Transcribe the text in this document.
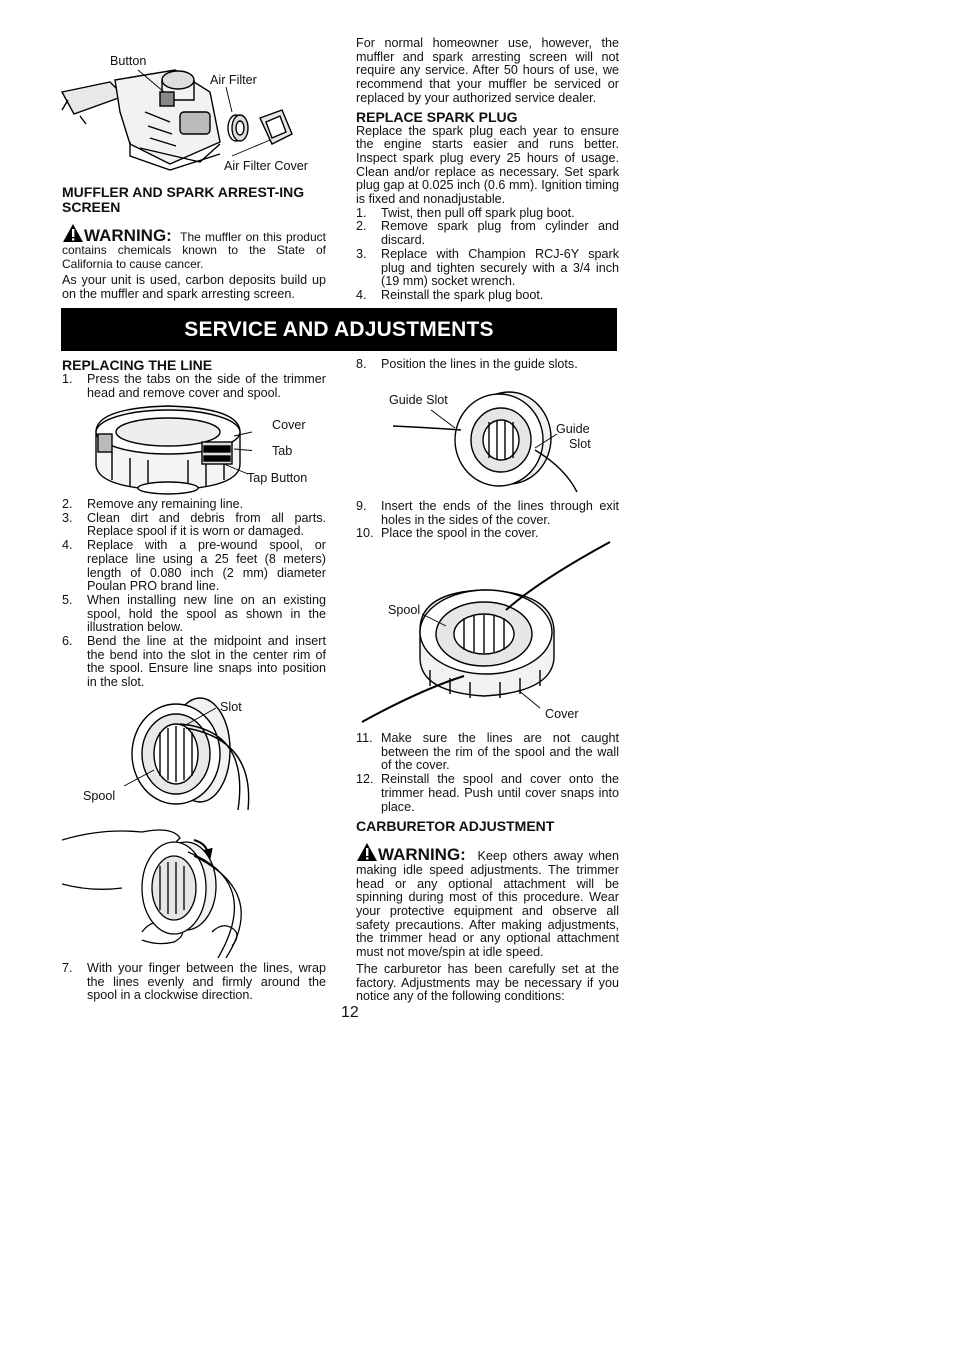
Button
Air Filter
Air Filter Cover

MUFFLER AND SPARK ARREST-ING SCREEN

WARNING: The muffler on this product contains chemicals known to the State of California to cause cancer.

As your unit is used, carbon deposits build up on the muffler and spark arresting screen.

For normal homeowner use, however, the muffler and spark arresting screen will not require any service. After 50 hours of use, we recommend that your muffler be serviced or replaced by your authorized service dealer.

REPLACE SPARK PLUG

Replace the spark plug each year to ensure the engine starts easier and runs better. Inspect spark plug every 25 hours of usage. Clean and/or replace as necessary. Set spark plug gap at 0.025 inch (0.6 mm). Ignition timing is fixed and nonadjustable.

1. Twist, then pull off spark plug boot.
2. Remove spark plug from cylinder and discard.
3. Replace with Champion RCJ-6Y spark plug and tighten securely with a 3/4 inch (19 mm) socket wrench.
4. Reinstall the spark plug boot.
SERVICE AND ADJUSTMENTS

REPLACING THE LINE

1. Press the tabs on the side of the trimmer head and remove cover and spool.
Cover
Tab
Tap Button
2. Remove any remaining line.
3. Clean dirt and debris from all parts. Replace spool if it is worn or damaged.
4. Replace with a pre-wound spool, or replace line using a 25 feet (8 meters) length of 0.080 inch (2 mm) diameter Poulan PRO brand line.
5. When installing new line on an existing spool, hold the spool as shown in the illustration below.
6. Bend the line at the midpoint and insert the bend into the slot in the center rim of the spool. Ensure line snaps into position in the slot.
Slot
Spool
7. With your finger between the lines, wrap the lines evenly and firmly around the spool in a clockwise direction.
8. Position the lines in the guide slots.
Guide Slot
Guide
Slot
9. Insert the ends of the lines through exit holes in the sides of the cover.
10. Place the spool in the cover.
Spool
Cover
11. Make sure the lines are not caught between the rim of the spool and the wall of the cover.
12. Reinstall the spool and cover onto the trimmer head. Push until cover snaps into place.

CARBURETOR ADJUSTMENT

WARNING: Keep others away when making idle speed adjustments. The trimmer head or any optional attachment will be spinning during most of this procedure. Wear your protective equipment and observe all safety precautions. After making adjustments, the trimmer head or any optional attachment must not move/spin at idle speed.

The carburetor has been carefully set at the factory. Adjustments may be necessary if you notice any of the following conditions:

12
